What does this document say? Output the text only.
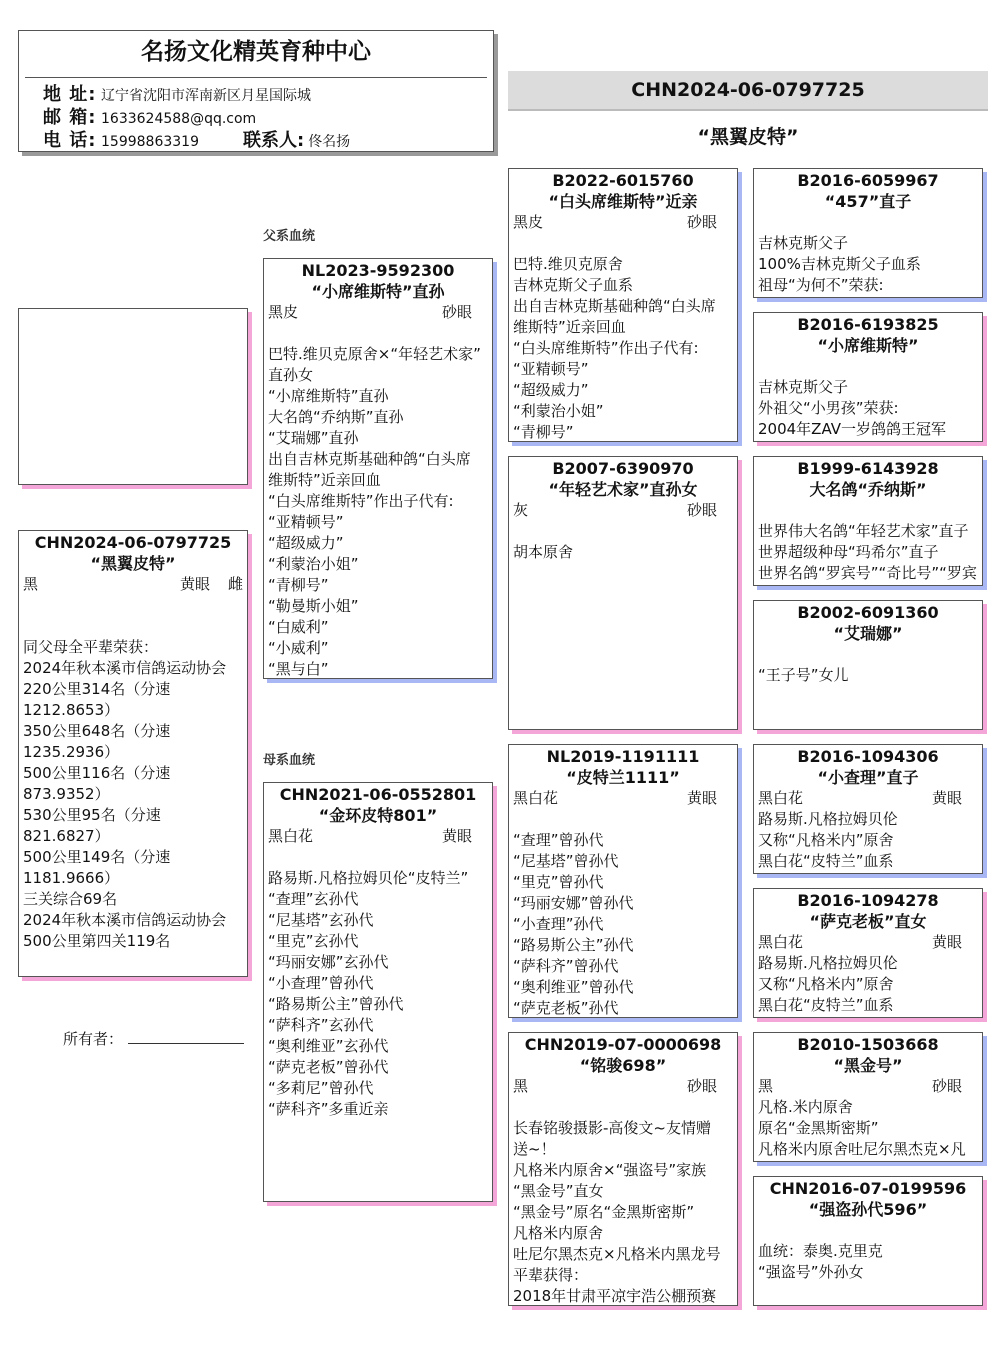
名扬文化精英育种中心
地 址: 辽宁省沈阳市浑南新区月星国际城
邮 箱: 1633624588@qq.com
电 话: 15998863319 联系人: 佟名扬
CHN2024-06-0797725
“黑翼皮特”
父系血统
母系血统
CHN2024-06-0797725
“黑翼皮特”
黑	黄眼 雌
同父母全平辈荣获：
2024年秋本溪市信鸽运动协会
220公里314名（分速
1212.8653）
350公里648名（分速
1235.2936）
500公里116名（分速
873.9352）
530公里95名（分速
821.6827）
500公里149名（分速
1181.9666）
三关综合69名
2024年秋本溪市信鸽运动协会
500公里第四关119名
所有者：
NL2023-9592300
“小席维斯特”直孙
黑皮	砂眼
巴特.维贝克原舍×“年轻艺术家”
直孙女
“小席维斯特”直孙
大名鸽“乔纳斯”直孙
“艾瑞娜”直孙
出自吉林克斯基础种鸽“白头席
维斯特”近亲回血
“白头席维斯特”作出子代有:
“亚精顿号”
“超级威力”
“利蒙治小姐”
“青柳号”
“勒曼斯小姐”
“白威利”
“小威利”
“黑与白”
CHN2021-06-0552801
“金环皮特801”
黑白花	黄眼
路易斯.凡格拉姆贝伦“皮特兰”
“查理”玄孙代
“尼基塔”玄孙代
“里克”玄孙代
“玛丽安娜”玄孙代
“小查理”曾孙代
“路易斯公主”曾孙代
“萨科齐”玄孙代
“奥利维亚”玄孙代
“萨克老板”曾孙代
“多莉尼”曾孙代
“萨科齐”多重近亲
B2022-6015760
“白头席维斯特”近亲
黑皮	砂眼
巴特.维贝克原舍
吉林克斯父子血系
出自吉林克斯基础种鸽“白头席
维斯特”近亲回血
“白头席维斯特”作出子代有:
“亚精顿号”
“超级威力”
“利蒙治小姐”
“青柳号”
B2007-6390970
“年轻艺术家”直孙女
灰	砂眼
胡本原舍
NL2019-1191111
“皮特兰1111”
黑白花	黄眼
“查理”曾孙代
“尼基塔”曾孙代
“里克”曾孙代
“玛丽安娜”曾孙代
“小查理”孙代
“路易斯公主”孙代
“萨科齐”曾孙代
“奥利维亚”曾孙代
“萨克老板”孙代
CHN2019-07-0000698
“铭骏698”
黑	砂眼
长春铭骏摄影-高俊文~友情赠
送~！
凡格米内原舍×“强盗号”家族
“黑金号”直女
“黑金号”原名“金黑斯密斯”
凡格米内原舍
吐尼尔黑杰克×凡格米内黑龙号
平辈获得：
2018年甘肃平凉宇浩公棚预赛
B2016-6059967
“457”直子
吉林克斯父子
100%吉林克斯父子血系
祖母“为何不”荣获:
B2016-6193825
“小席维斯特”
吉林克斯父子
外祖父“小男孩”荣获:
2004年ZAV一岁鸽鸽王冠军
B1999-6143928
大名鸽“乔纳斯”
世界伟大名鸽“年轻艺术家”直子
世界超级种母“玛希尔”直子
世界名鸽“罗宾号”“奇比号”“罗宾
B2002-6091360
“艾瑞娜”
“王子号”女儿
B2016-1094306
“小查理”直子
黑白花	黄眼
路易斯.凡格拉姆贝伦
又称“凡格米内”原舍
黑白花“皮特兰”血系
B2016-1094278
“萨克老板”直女
黑白花	黄眼
路易斯.凡格拉姆贝伦
又称“凡格米内”原舍
黑白花“皮特兰”血系
B2010-1503668
“黑金号”
黑	砂眼
凡格.米内原舍
原名“金黑斯密斯”
凡格米内原舍吐尼尔黑杰克×凡
CHN2016-07-0199596
“强盗孙代596”
血统：泰奥.克里克
“强盗号”外孙女
